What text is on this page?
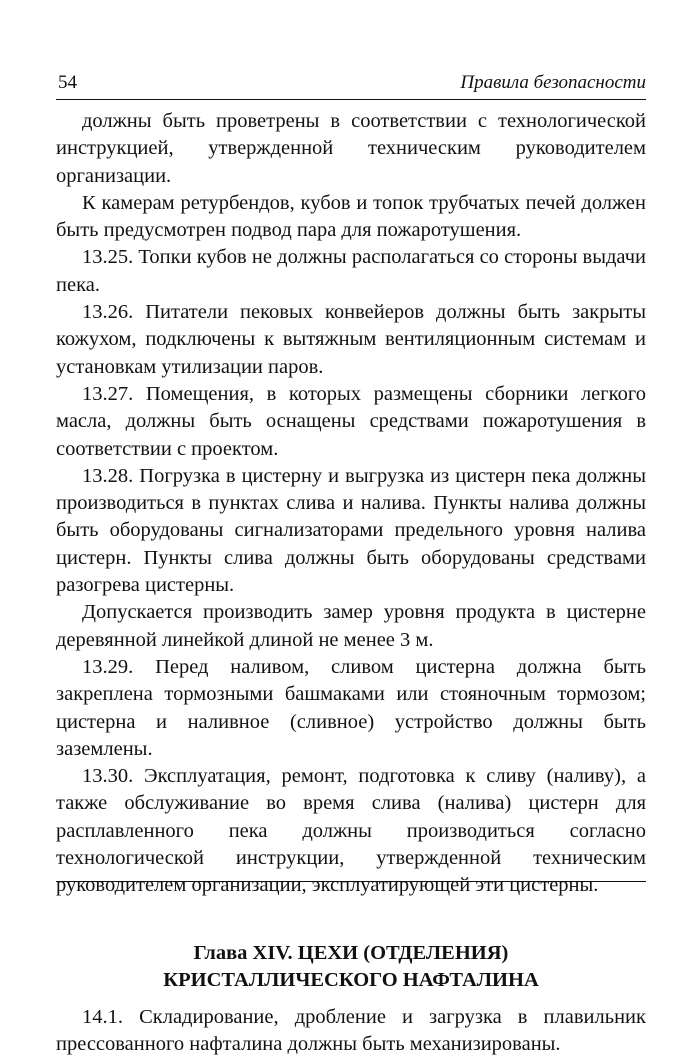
54	Правила безопасности

должны быть проветрены в соответствии с технологической инструкцией, утвержденной техническим руководителем организации.

К камерам ретурбендов, кубов и топок трубчатых печей должен быть предусмотрен подвод пара для пожаротушения.

13.25. Топки кубов не должны располагаться со стороны выдачи пека.

13.26. Питатели пековых конвейеров должны быть закрыты кожухом, подключены к вытяжным вентиляционным системам и установкам утилизации паров.

13.27. Помещения, в которых размещены сборники легкого масла, должны быть оснащены средствами пожаротушения в соответствии с проектом.

13.28. Погрузка в цистерну и выгрузка из цистерн пека должны производиться в пунктах слива и налива. Пункты налива должны быть оборудованы сигнализаторами предельного уровня налива цистерн. Пункты слива должны быть оборудованы средствами разогрева цистерны.

Допускается производить замер уровня продукта в цистерне деревянной линейкой длиной не менее 3 м.

13.29. Перед наливом, сливом цистерна должна быть закреплена тормозными башмаками или стояночным тормозом; цистерна и наливное (сливное) устройство должны быть заземлены.

13.30. Эксплуатация, ремонт, подготовка к сливу (наливу), а также обслуживание во время слива (налива) цистерн для расплавленного пека должны производиться согласно технологической инструкции, утвержденной техническим руководителем организации, эксплуатирующей эти цистерны.

Глава XIV. ЦЕХИ (ОТДЕЛЕНИЯ)
КРИСТАЛЛИЧЕСКОГО НАФТАЛИНА

14.1. Складирование, дробление и загрузка в плавильник прессованного нафталина должны быть механизированы.
